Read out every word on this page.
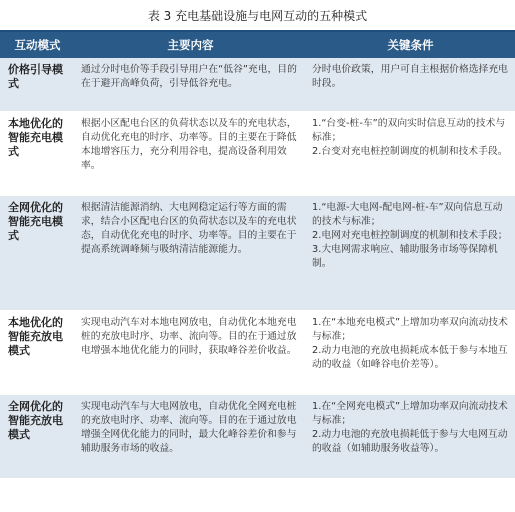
表 3 充电基础设施与电网互动的五种模式
互动模式	主要内容	关键条件
价格引导模式	通过分时电价等手段引导用户在“低谷”充电，目的在于避开高峰负荷，引导低谷充电。	分时电价政策，用户可自主根据价格选择充电时段。

本地优化的智能充电模式	根据小区配电台区的负荷状态以及车的充电状态，自动优化充电的时序、功率等。目的主要在于降低本地增容压力，充分利用谷电，提高设备利用效率。	1.“台变-桩-车”的双向实时信息互动的技术与标准；
2.台变对充电桩控制调度的机制和技术手段。

全网优化的智能充电模式	根据清洁能源消纳、大电网稳定运行等方面的需求，结合小区配电台区的负荷状态以及车的充电状态，自动优化充电的时序、功率等。目的主要在于提高系统调峰频与吸纳清洁能源能力。	1.“电源-大电网-配电网-桩-车”双向信息互动的技术与标准；
2.电网对充电桩控制调度的机制和技术手段；
3.大电网需求响应、辅助服务市场等保障机制。

本地优化的智能充放电模式	实现电动汽车对本地电网放电，自动优化本地充电桩的充放电时序、功率、流向等。目的在于通过放电增强本地优化能力的同时，获取峰谷差价收益。	1.在“本地充电模式”上增加功率双向流动技术与标准；
2.动力电池的充放电损耗成本低于参与本地互动的收益（如峰谷电价差等）。

全网优化的智能充放电模式	实现电动汽车与大电网放电，自动优化全网充电桩的充放电时序、功率、流向等。目的在于通过放电增强全网优化能力的同时，最大化峰谷差价和参与辅助服务市场的收益。	1.在“全网充电模式”上增加功率双向流动技术与标准；
2.动力电池的充放电损耗低于参与大电网互动的收益（如辅助服务收益等）。
